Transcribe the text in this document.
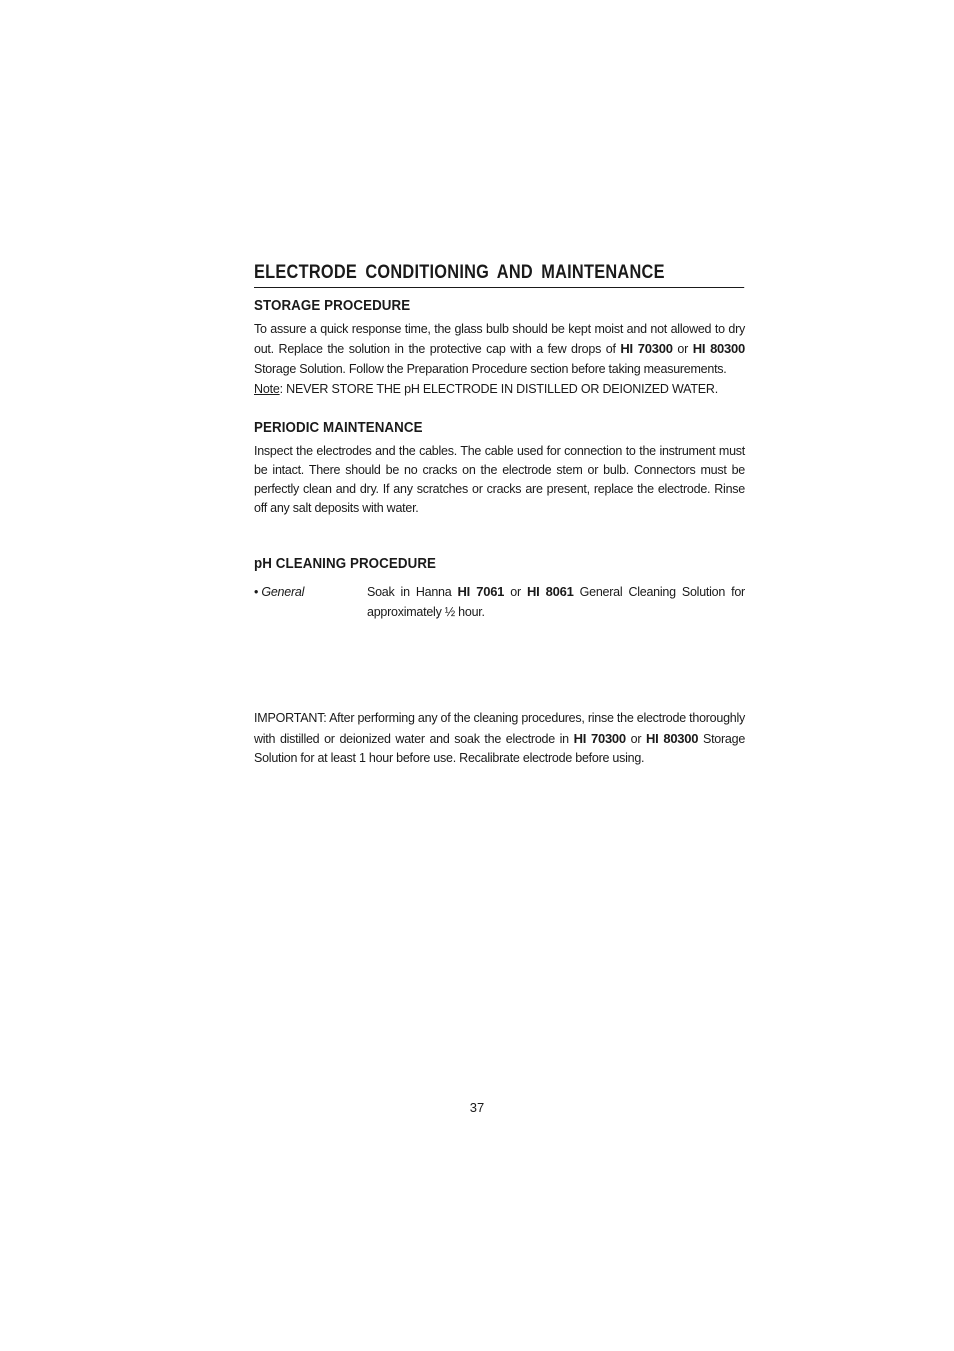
ELECTRODE CONDITIONING AND MAINTENANCE
STORAGE PROCEDURE

To assure a quick response time, the glass bulb should be kept moist and not allowed to dry out. Replace the solution in the protective cap with a few drops of HI 70300 or HI 80300 Storage Solution. Follow the Preparation Procedure section before taking measurements.

Note: NEVER STORE THE pH ELECTRODE IN DISTILLED OR DEIONIZED WATER.

PERIODIC MAINTENANCE

Inspect the electrodes and the cables. The cable used for connection to the instrument must be intact. There should be no cracks on the electrode stem or bulb. Connectors must be perfectly clean and dry. If any scratches or cracks are present, replace the electrode. Rinse off any salt deposits with water.

pH CLEANING PROCEDURE
• General	Soak in Hanna HI 7061 or HI 8061 General Cleaning Solution for approximately ½ hour.

IMPORTANT: After performing any of the cleaning procedures, rinse the electrode thoroughly with distilled or deionized water and soak the electrode in HI 70300 or HI 80300 Storage Solution for at least 1 hour before use. Recalibrate electrode before using.

37
